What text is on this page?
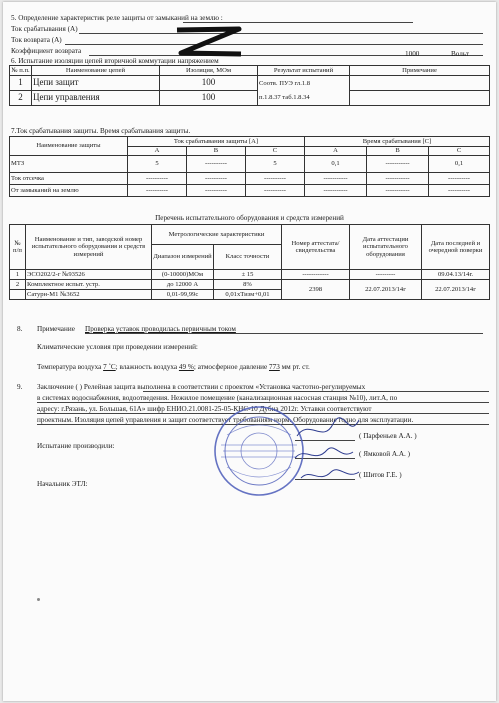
5. Определение характеристик реле защиты от замыканий на землю :
Ток срабатывания (А)
Ток возврата (А)
Коэффициент возврата
6. Испытание изоляции цепей вторичной коммутации напряжением
1000	Вольт
№ п.п.	Наименование цепей	Изоляция, МОм	Результат испытаний	Примечание
1	Цепи защит	100	Соотв. ПУЭ гл.1.8
п.1.8.37 таб.1.8.34	

2	Цепи управления	100		
7.Ток срабатывания защиты. Время срабатывания защиты.
Наименование защиты	Ток срабатывания защиты [А]			Время срабатывания [С]		
	А	В	С	А	В	С
МТЗ	5	----------	5	0,1	-----------	0,1
Ток отсечка	----------	----------	----------	-----------	-----------	----------
От замыканий на землю	----------	----------	----------	-----------	-----------	----------
Перечень испытательного оборудования и средств измерений
№ п/п	Наименование и тип, заводской номер испытательного оборудования и средств измерений	Метрологические характеристики		Номер аттестата/ свидетельства	Дата аттестации испытательного оборудования	Дата последней и очередной поверки
		Диапазон измерений	Класс точности			
1	ЭСО202/2-г №93526	(0-10000)МОм	± 15	------------	---------	09.04.13/14г.
2	Комплектное испыт. устр.	до 12000 А	8%	2398	22.07.2013/14г	22.07.2013/14г
	Сатурн-М1 №3652	0,01-99,99с	0,01хТизм+0,01			
8. Примечание Проверка уставок проводилась первичным током
Климатические условия при проведении измерений:
Температура воздуха 7 ˚С; влажность воздуха 49 %; атмосферное давление 773 мм рт. ст.
9. Заключение ( ) Релейная защита выполнена в соответствии с проектом «Установка частотно-регулируемых
в системах водоснабжения, водоотведения. Нежилое помещение (канализационная насосная станция №10), лит.А, по
адресу: г.Рязань, ул. Большая, 61А» шифр ЕНИО.21.0081-25-05-КНС-10 Дубна 2012г. Уставки соответствуют
проектным. Изоляция цепей управления и защит соответствует требованиям норм. Оборудование годно для эксплуатации.
Испытание производили:
Начальник ЭТЛ:
( Парфеньев А.А. )
( Ямковой А.А. )
( Шитов Г.Е. )
